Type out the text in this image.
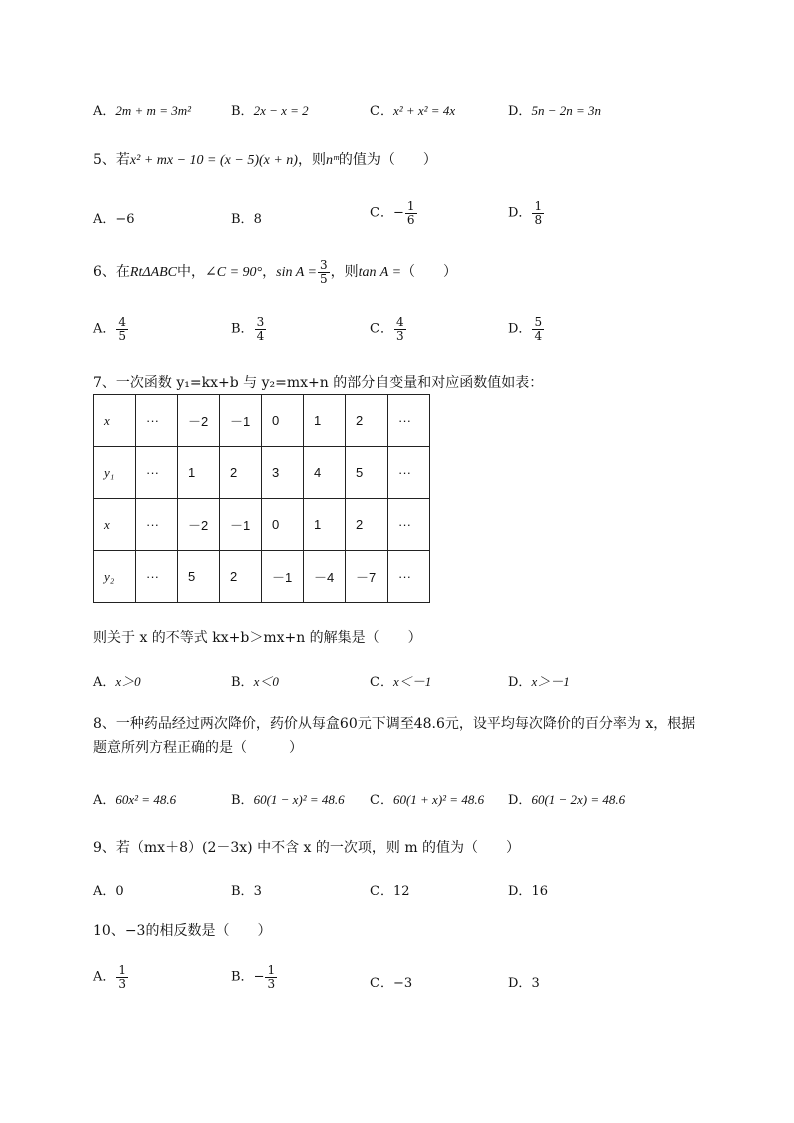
A．2m + m = 3m²	B．2x − x = 2	C．x² + x² = 4x	D．5n − 2n = 3n
5、若x² + mx − 10 = (x − 5)(x + n)，则nᵐ的值为（　　）
A．−6	B．8	C．− $\frac{1}{6}$	D． $\frac{1}{8}$
6、在RtΔABC中，∠C = 90°，$\sin A = \frac{3}{5}$ ，则tan A =（　　）
A． $\frac{4}{5}$	B． $\frac{3}{4}$	C． $\frac{4}{3}$	D． $\frac{5}{4}$
7、一次函数 y₁=kx+b 与 y₂=mx+n 的部分自变量和对应函数值如表：
x	···	－2	－1	0	1	2	···
y₁	···	1	2	3	4	5	···
x	···	－2	－1	0	1	2	···
y₂	···	5	2	－1	－4	－7	···
则关于 x 的不等式 kx+b＞mx+n 的解集是（　　）
A．x＞0	B．x＜0	C．x＜－1	D．x＞－1
8、一种药品经过两次降价，药价从每盒60元下调至48.6元，设平均每次降价的百分率为 x，根据
题意所列方程正确的是（　　　）
A．60x² = 48.6	B．60(1 − x)² = 48.6 C．60(1 + x)² = 48.6 D．60(1 − 2x) = 48.6
9、若（mx＋8）(2－3x) 中不含 x 的一次项，则 m 的值为（　　）
A．0	B．3	C．12	D．16
10、−3的相反数是（　　）
A． $\frac{1}{3}$	B．− $\frac{1}{3}$	C．−3	D．3
